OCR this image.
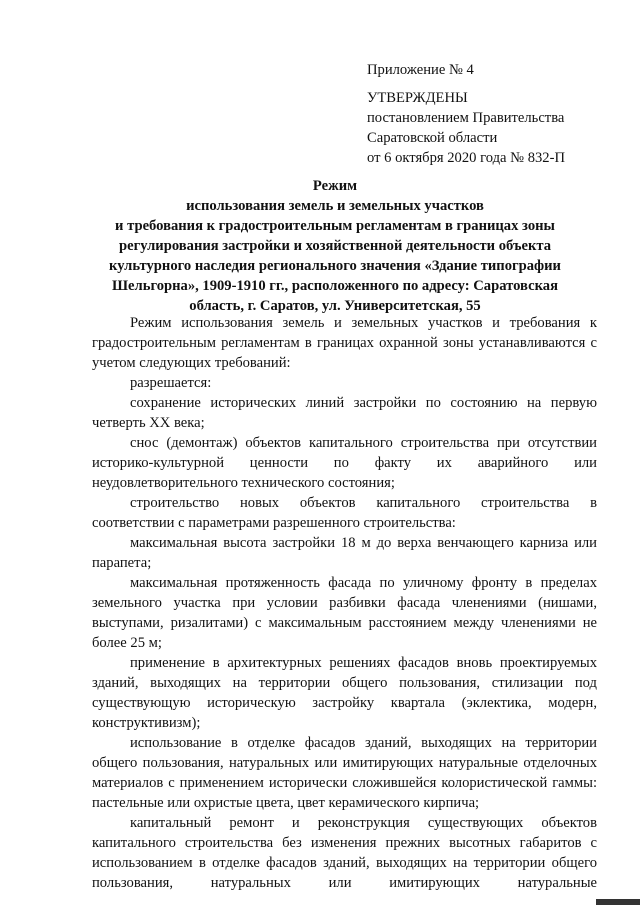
Приложение № 4
УТВЕРЖДЕНЫ
постановлением Правительства
Саратовской области
от 6 октября 2020 года № 832-П
Режим
использования земель и земельных участков
и требования к градостроительным регламентам в границах зоны
регулирования застройки и хозяйственной деятельности объекта
культурного наследия регионального значения «Здание типографии
Шельгорна», 1909-1910 гг., расположенного по адресу: Саратовская
область, г. Саратов, ул. Университетская, 55

Режим использования земель и земельных участков и требования к градостроительным регламентам в границах охранной зоны устанавливаются с учетом следующих требований:

разрешается:

сохранение исторических линий застройки по состоянию на первую четверть XX века;

снос (демонтаж) объектов капитального строительства при отсутствии историко-культурной ценности по факту их аварийного или неудовлетворительного технического состояния;

строительство новых объектов капитального строительства в соответствии с параметрами разрешенного строительства:

максимальная высота застройки 18 м до верха венчающего карниза или парапета;

максимальная протяженность фасада по уличному фронту в пределах земельного участка при условии разбивки фасада членениями (нишами, выступами, ризалитами) с максимальным расстоянием между членениями не более 25 м;

применение в архитектурных решениях фасадов вновь проектируемых зданий, выходящих на территории общего пользования, стилизации под существующую историческую застройку квартала (эклектика, модерн, конструктивизм);

использование в отделке фасадов зданий, выходящих на территории общего пользования, натуральных или имитирующих натуральные отделочных материалов с применением исторически сложившейся колористической гаммы: пастельные или охристые цвета, цвет керамического кирпича;

капитальный ремонт и реконструкция существующих объектов капитального строительства без изменения прежних высотных габаритов с использованием в отделке фасадов зданий, выходящих на территории общего пользования, натуральных или имитирующих натуральные
